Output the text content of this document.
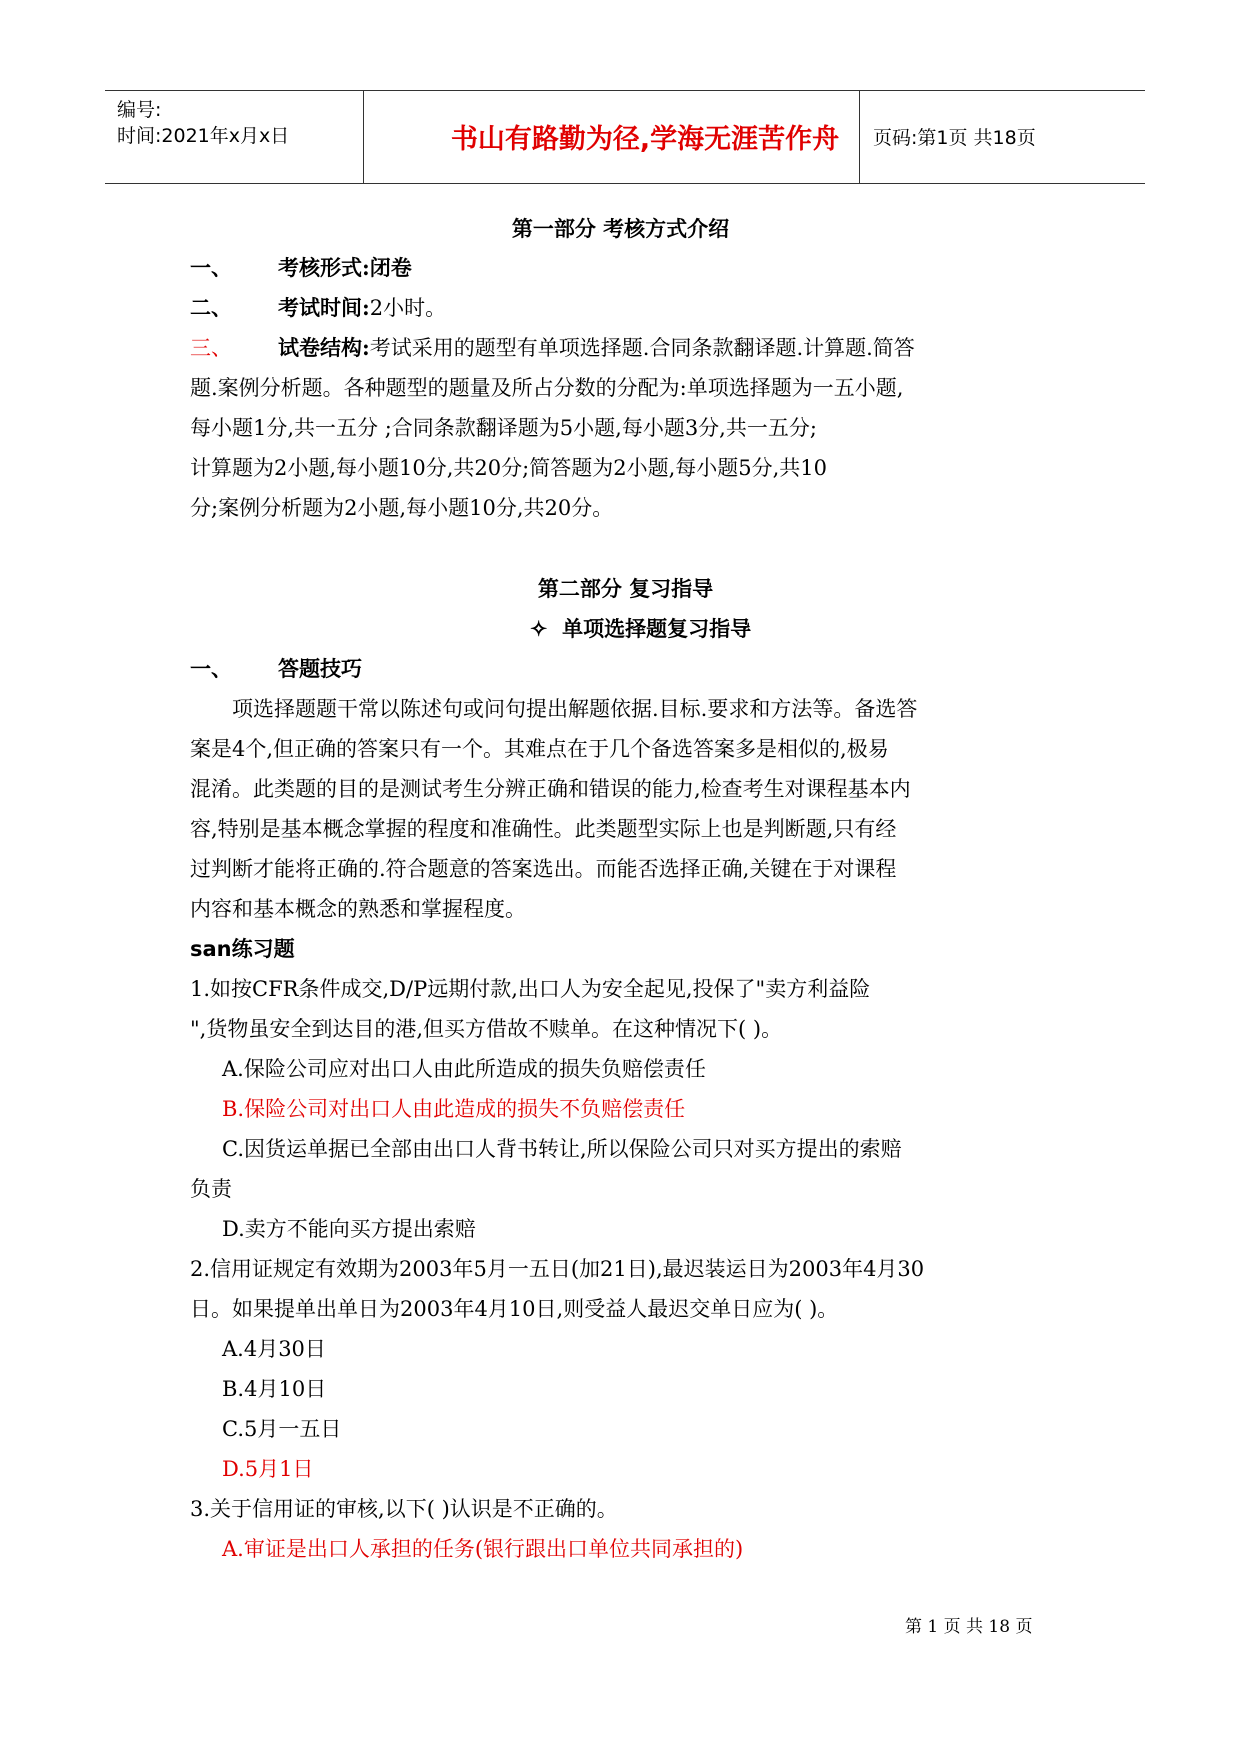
编号:
时间:2021年x月x日	书山有路勤为径,学海无涯苦作舟	页码:第1页 共18页
第一部分 考核方式介绍
一、 考核形式:闭卷
二、 考试时间:2小时。
三、 试卷结构:考试采用的题型有单项选择题.合同条款翻译题.计算题.简答
题.案例分析题。各种题型的题量及所占分数的分配为:单项选择题为一五小题,
每小题1分,共一五分 ;合同条款翻译题为5小题,每小题3分,共一五分;
计算题为2小题,每小题10分,共20分;简答题为2小题,每小题5分,共10
分;案例分析题为2小题,每小题10分,共20分。
第二部分 复习指导
✧ 单项选择题复习指导
一、 答题技巧
项选择题题干常以陈述句或问句提出解题依据.目标.要求和方法等。备选答
案是4个,但正确的答案只有一个。其难点在于几个备选答案多是相似的,极易
混淆。此类题的目的是测试考生分辨正确和错误的能力,检查考生对课程基本内
容,特别是基本概念掌握的程度和准确性。此类题型实际上也是判断题,只有经
过判断才能将正确的.符合题意的答案选出。而能否选择正确,关键在于对课程
内容和基本概念的熟悉和掌握程度。
san练习题
1.如按CFR条件成交,D/P远期付款,出口人为安全起见,投保了"卖方利益险
",货物虽安全到达目的港,但买方借故不赎单。在这种情况下( )。
A.保险公司应对出口人由此所造成的损失负赔偿责任
B.保险公司对出口人由此造成的损失不负赔偿责任
C.因货运单据已全部由出口人背书转让,所以保险公司只对买方提出的索赔
负责
D.卖方不能向买方提出索赔
2.信用证规定有效期为2003年5月一五日(加21日),最迟装运日为2003年4月30
日。如果提单出单日为2003年4月10日,则受益人最迟交单日应为( )。
A.4月30日
B.4月10日
C.5月一五日
D.5月1日
3.关于信用证的审核,以下( )认识是不正确的。
A.审证是出口人承担的任务(银行跟出口单位共同承担的)
第 1 页 共 18 页
